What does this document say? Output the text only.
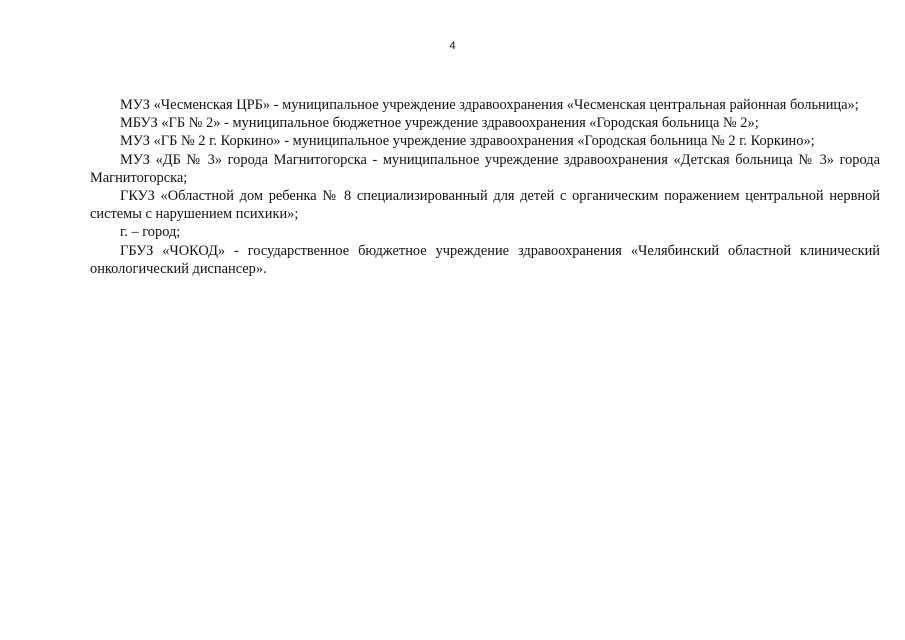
4

МУЗ «Чесменская ЦРБ» - муниципальное учреждение здравоохранения «Чесменская центральная районная больница»;

МБУЗ «ГБ № 2» - муниципальное бюджетное учреждение здравоохранения «Городская больница № 2»;

МУЗ «ГБ № 2 г. Коркино» - муниципальное учреждение здравоохранения «Городская больница № 2 г. Коркино»;

МУЗ «ДБ № 3» города Магнитогорска - муниципальное учреждение здравоохранения «Детская больница № 3» города Магнитогорска;

ГКУЗ «Областной дом ребенка № 8 специализированный для детей с органическим поражением центральной нервной системы с нарушением психики»;

г. – город;

ГБУЗ «ЧОКОД» - государственное бюджетное учреждение здравоохранения «Челябинский областной клинический онкологический диспансер».
